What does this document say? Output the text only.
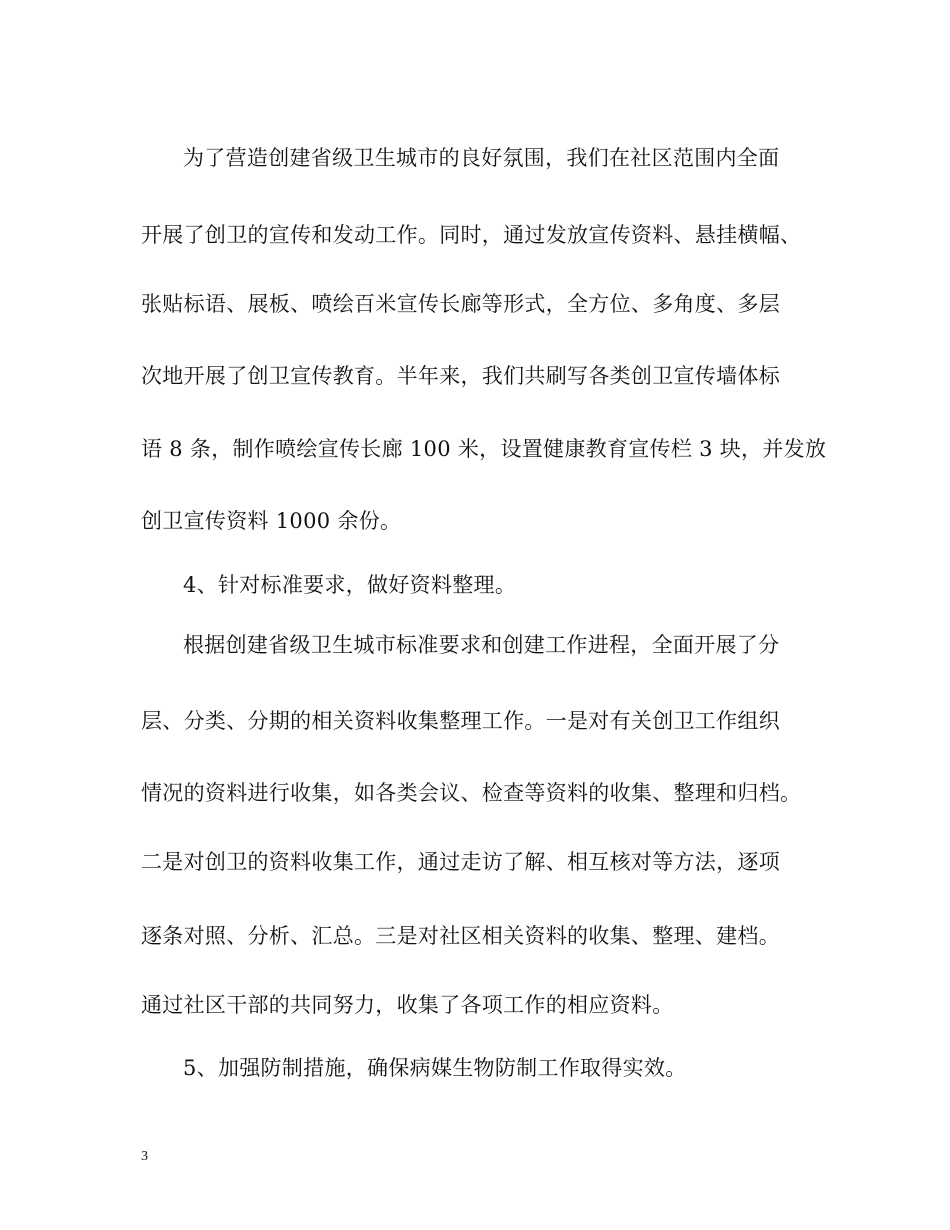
为了营造创建省级卫生城市的良好氛围，我们在社区范围内全面
开展了创卫的宣传和发动工作。同时，通过发放宣传资料、悬挂横幅、
张贴标语、展板、喷绘百米宣传长廊等形式，全方位、多角度、多层
次地开展了创卫宣传教育。半年来，我们共刷写各类创卫宣传墙体标
语 8 条，制作喷绘宣传长廊 100 米，设置健康教育宣传栏 3 块，并发放
创卫宣传资料 1000 余份。
4、针对标准要求，做好资料整理。
根据创建省级卫生城市标准要求和创建工作进程，全面开展了分
层、分类、分期的相关资料收集整理工作。一是对有关创卫工作组织
情况的资料进行收集，如各类会议、检查等资料的收集、整理和归档。
二是对创卫的资料收集工作，通过走访了解、相互核对等方法，逐项
逐条对照、分析、汇总。三是对社区相关资料的收集、整理、建档。
通过社区干部的共同努力，收集了各项工作的相应资料。
5、加强防制措施，确保病媒生物防制工作取得实效。
3
